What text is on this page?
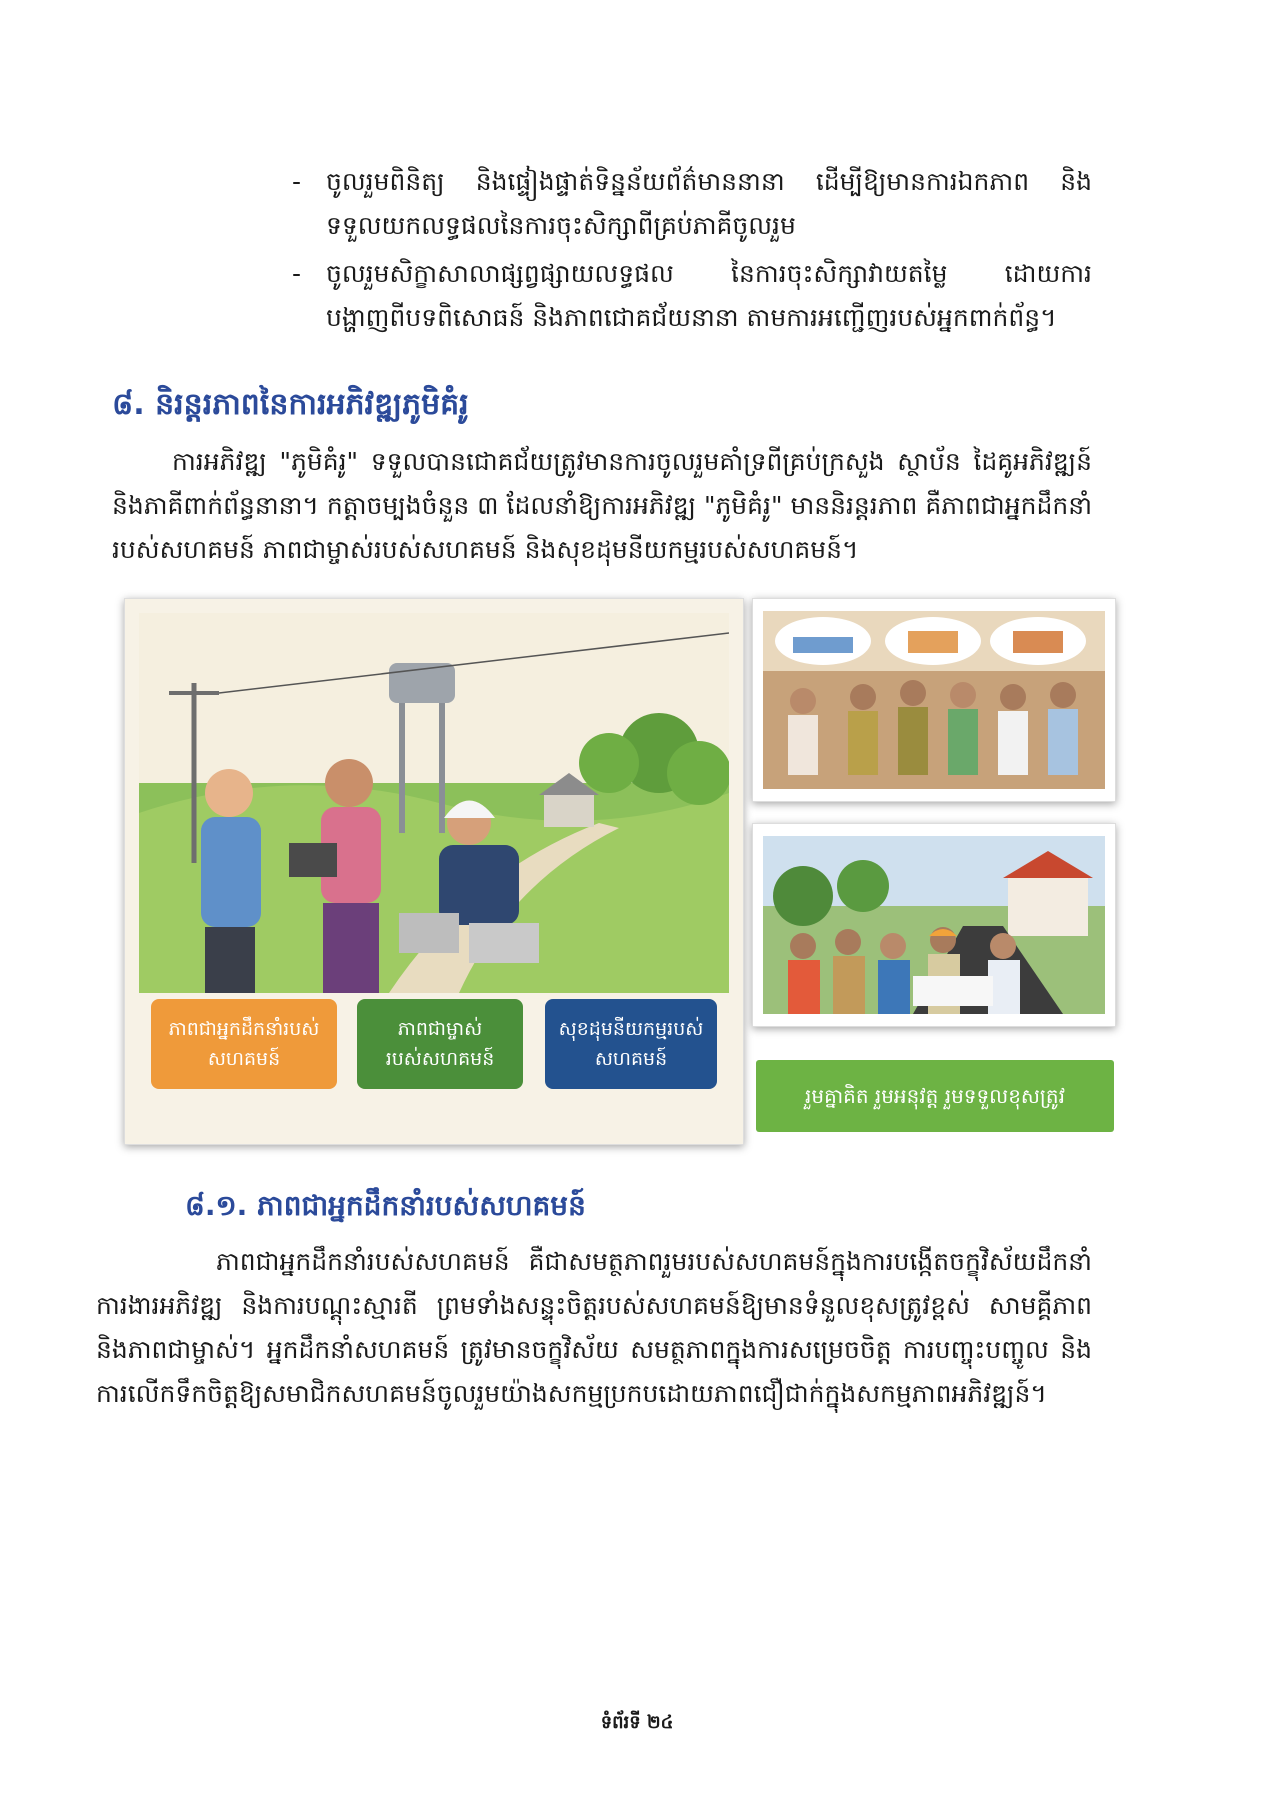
- ចូលរួមពិនិត្យ និងផ្ទៀងផ្ទាត់ទិន្នន័យព័ត៌មាននានា ដើម្បីឱ្យមានការឯកភាព និងទទួលយកលទ្ធផលនៃការចុះសិក្សាពីគ្រប់ភាគីចូលរួម
- ចូលរួមសិក្ខាសាលាផ្សព្វផ្សាយលទ្ធផល នៃការចុះសិក្សាវាយតម្លៃ ដោយការបង្ហាញពីបទពិសោធន៍ និងភាពជោគជ័យនានា តាមការអញ្ជើញរបស់អ្នកពាក់ព័ន្ធ។
៨. និរន្តរភាពនៃការអភិវឌ្ឍភូមិគំរូ

ការអភិវឌ្ឍ "ភូមិគំរូ" ទទួលបានជោគជ័យត្រូវមានការចូលរួមគាំទ្រពីគ្រប់ក្រសួង ស្ថាប័ន ដៃគូអភិវឌ្ឍន៍ និងភាគីពាក់ព័ន្ធនានា។ កត្តាចម្បងចំនួន ៣ ដែលនាំឱ្យការអភិវឌ្ឍ "ភូមិគំរូ" មាននិរន្តរភាព គឺភាពជាអ្នកដឹកនាំរបស់សហគមន៍ ភាពជាម្ចាស់របស់សហគមន៍ និងសុខដុមនីយកម្មរបស់សហគមន៍។

ភាពជាអ្នកដឹកនាំរបស់
សហគមន៍
ភាពជាម្ចាស់
របស់សហគមន៍
សុខដុមនីយកម្មរបស់
សហគមន៍
រួមគ្នាគិត រួមអនុវត្ត រួមទទួលខុសត្រូវ
៨.១. ភាពជាអ្នកដឹកនាំរបស់សហគមន៍

ភាពជាអ្នកដឹកនាំរបស់សហគមន៍ គឺជាសមត្ថភាពរួមរបស់សហគមន៍ក្នុងការបង្កើតចក្ខុវិស័យដឹកនាំការងារអភិវឌ្ឍ និងការបណ្តុះស្មារតី ព្រមទាំងសន្ទុះចិត្តរបស់សហគមន៍ឱ្យមានទំនួលខុសត្រូវខ្ពស់ សាមគ្គីភាព និងភាពជាម្ចាស់។ អ្នកដឹកនាំសហគមន៍ ត្រូវមានចក្ខុវិស័យ សមត្ថភាពក្នុងការសម្រេចចិត្ត ការបញ្ចុះបញ្ចូល និងការលើកទឹកចិត្តឱ្យសមាជិកសហគមន៍ចូលរួមយ៉ាងសកម្មប្រកបដោយភាពជឿជាក់ក្នុងសកម្មភាពអភិវឌ្ឍន៍។

ទំព័រទី ២៤
